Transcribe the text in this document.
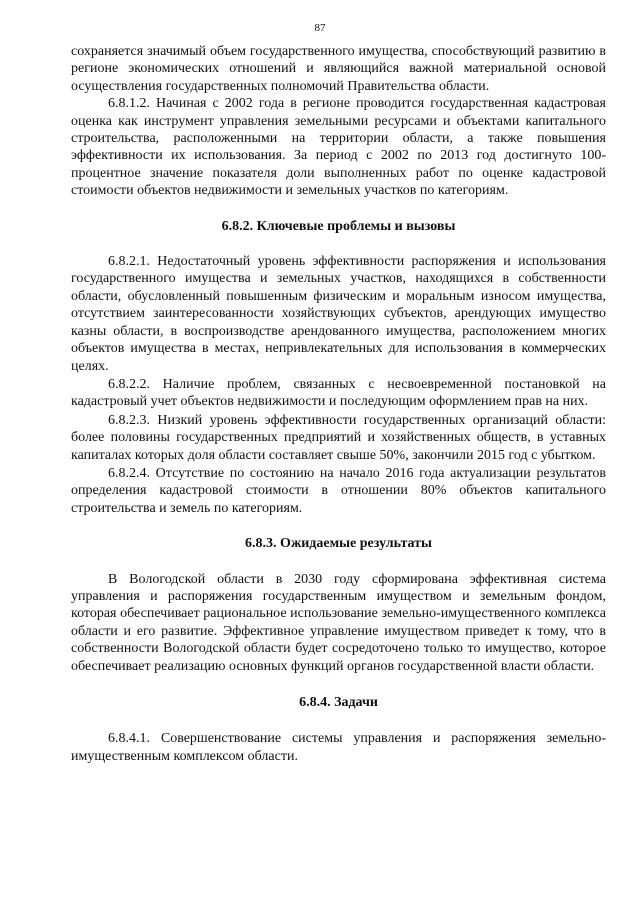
87

сохраняется значимый объем государственного имущества, способствующий развитию в регионе экономических отношений и являющийся важной материальной основой осуществления государственных полномочий Правительства области.

6.8.1.2. Начиная с 2002 года в регионе проводится государственная кадастровая оценка как инструмент управления земельными ресурсами и объектами капитального строительства, расположенными на территории области, а также повышения эффективности их использования. За период с 2002 по 2013 год достигнуто 100-процентное значение показателя доли выполненных работ по оценке кадастровой стоимости объектов недвижимости и земельных участков по категориям.

6.8.2. Ключевые проблемы и вызовы

6.8.2.1. Недостаточный уровень эффективности распоряжения и использования государственного имущества и земельных участков, находящихся в собственности области, обусловленный повышенным физическим и моральным износом имущества, отсутствием заинтересованности хозяйствующих субъектов, арендующих имущество казны области, в воспроизводстве арендованного имущества, расположением многих объектов имущества в местах, непривлекательных для использования в коммерческих целях.

6.8.2.2. Наличие проблем, связанных с несвоевременной постановкой на кадастровый учет объектов недвижимости и последующим оформлением прав на них.

6.8.2.3. Низкий уровень эффективности государственных организаций области: более половины государственных предприятий и хозяйственных обществ, в уставных капиталах которых доля области составляет свыше 50%, закончили 2015 год с убытком.

6.8.2.4. Отсутствие по состоянию на начало 2016 года актуализации результатов определения кадастровой стоимости в отношении 80% объектов капитального строительства и земель по категориям.

6.8.3. Ожидаемые результаты

В Вологодской области в 2030 году сформирована эффективная система управления и распоряжения государственным имуществом и земельным фондом, которая обеспечивает рациональное использование земельно-имущественного комплекса области и его развитие. Эффективное управление имуществом приведет к тому, что в собственности Вологодской области будет сосредоточено только то имущество, которое обеспечивает реализацию основных функций органов государственной власти области.

6.8.4. Задачи

6.8.4.1. Совершенствование системы управления и распоряжения земельно-имущественным комплексом области.
